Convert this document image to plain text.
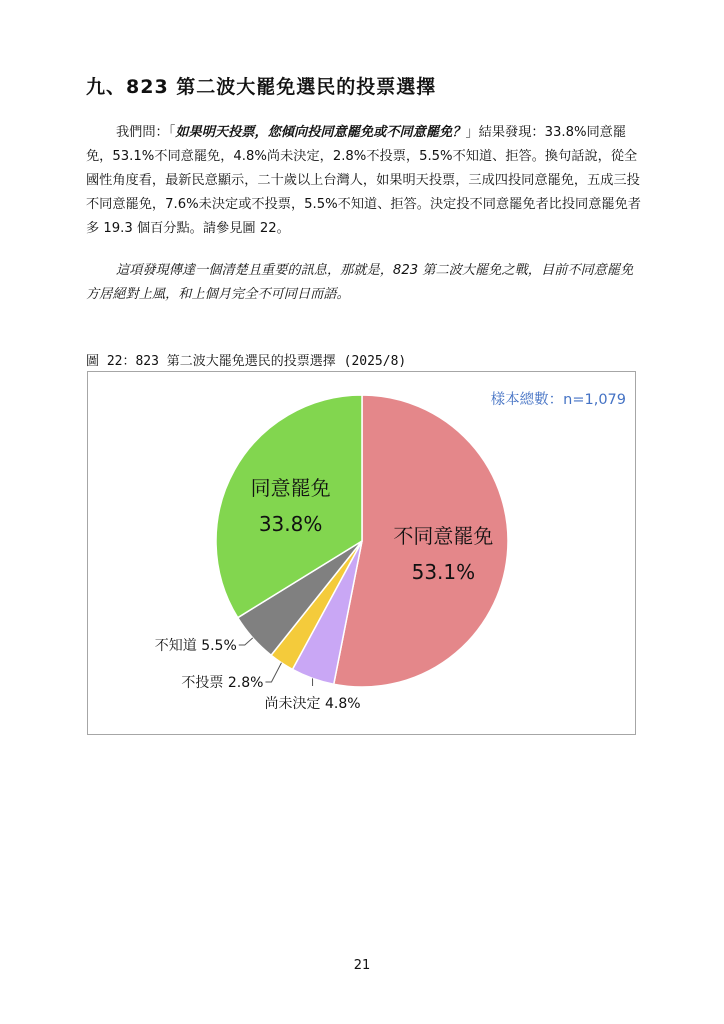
九、823 第二波大罷免選民的投票選擇
我們問：「如果明天投票，您傾向投同意罷免或不同意罷免？」結果發現：33.8%同意罷免，53.1%不同意罷免，4.8%尚未決定，2.8%不投票，5.5%不知道、拒答。換句話說，從全國性角度看，最新民意顯示，二十歲以上台灣人，如果明天投票，三成四投同意罷免，五成三投不同意罷免，7.6%未決定或不投票，5.5%不知道、拒答。決定投不同意罷免者比投同意罷免者多 19.3 個百分點。請參見圖 22。
這項發現傳達一個清楚且重要的訊息，那就是，823 第二波大罷免之戰，目前不同意罷免方居絕對上風，和上個月完全不可同日而語。
圖 22：823 第二波大罷免選民的投票選擇 (2025/8)
樣本總數：n=1,079
不同意罷免
53.1%
同意罷免
33.8%
尚未決定 4.8%
不投票 2.8%
不知道 5.5%
21
